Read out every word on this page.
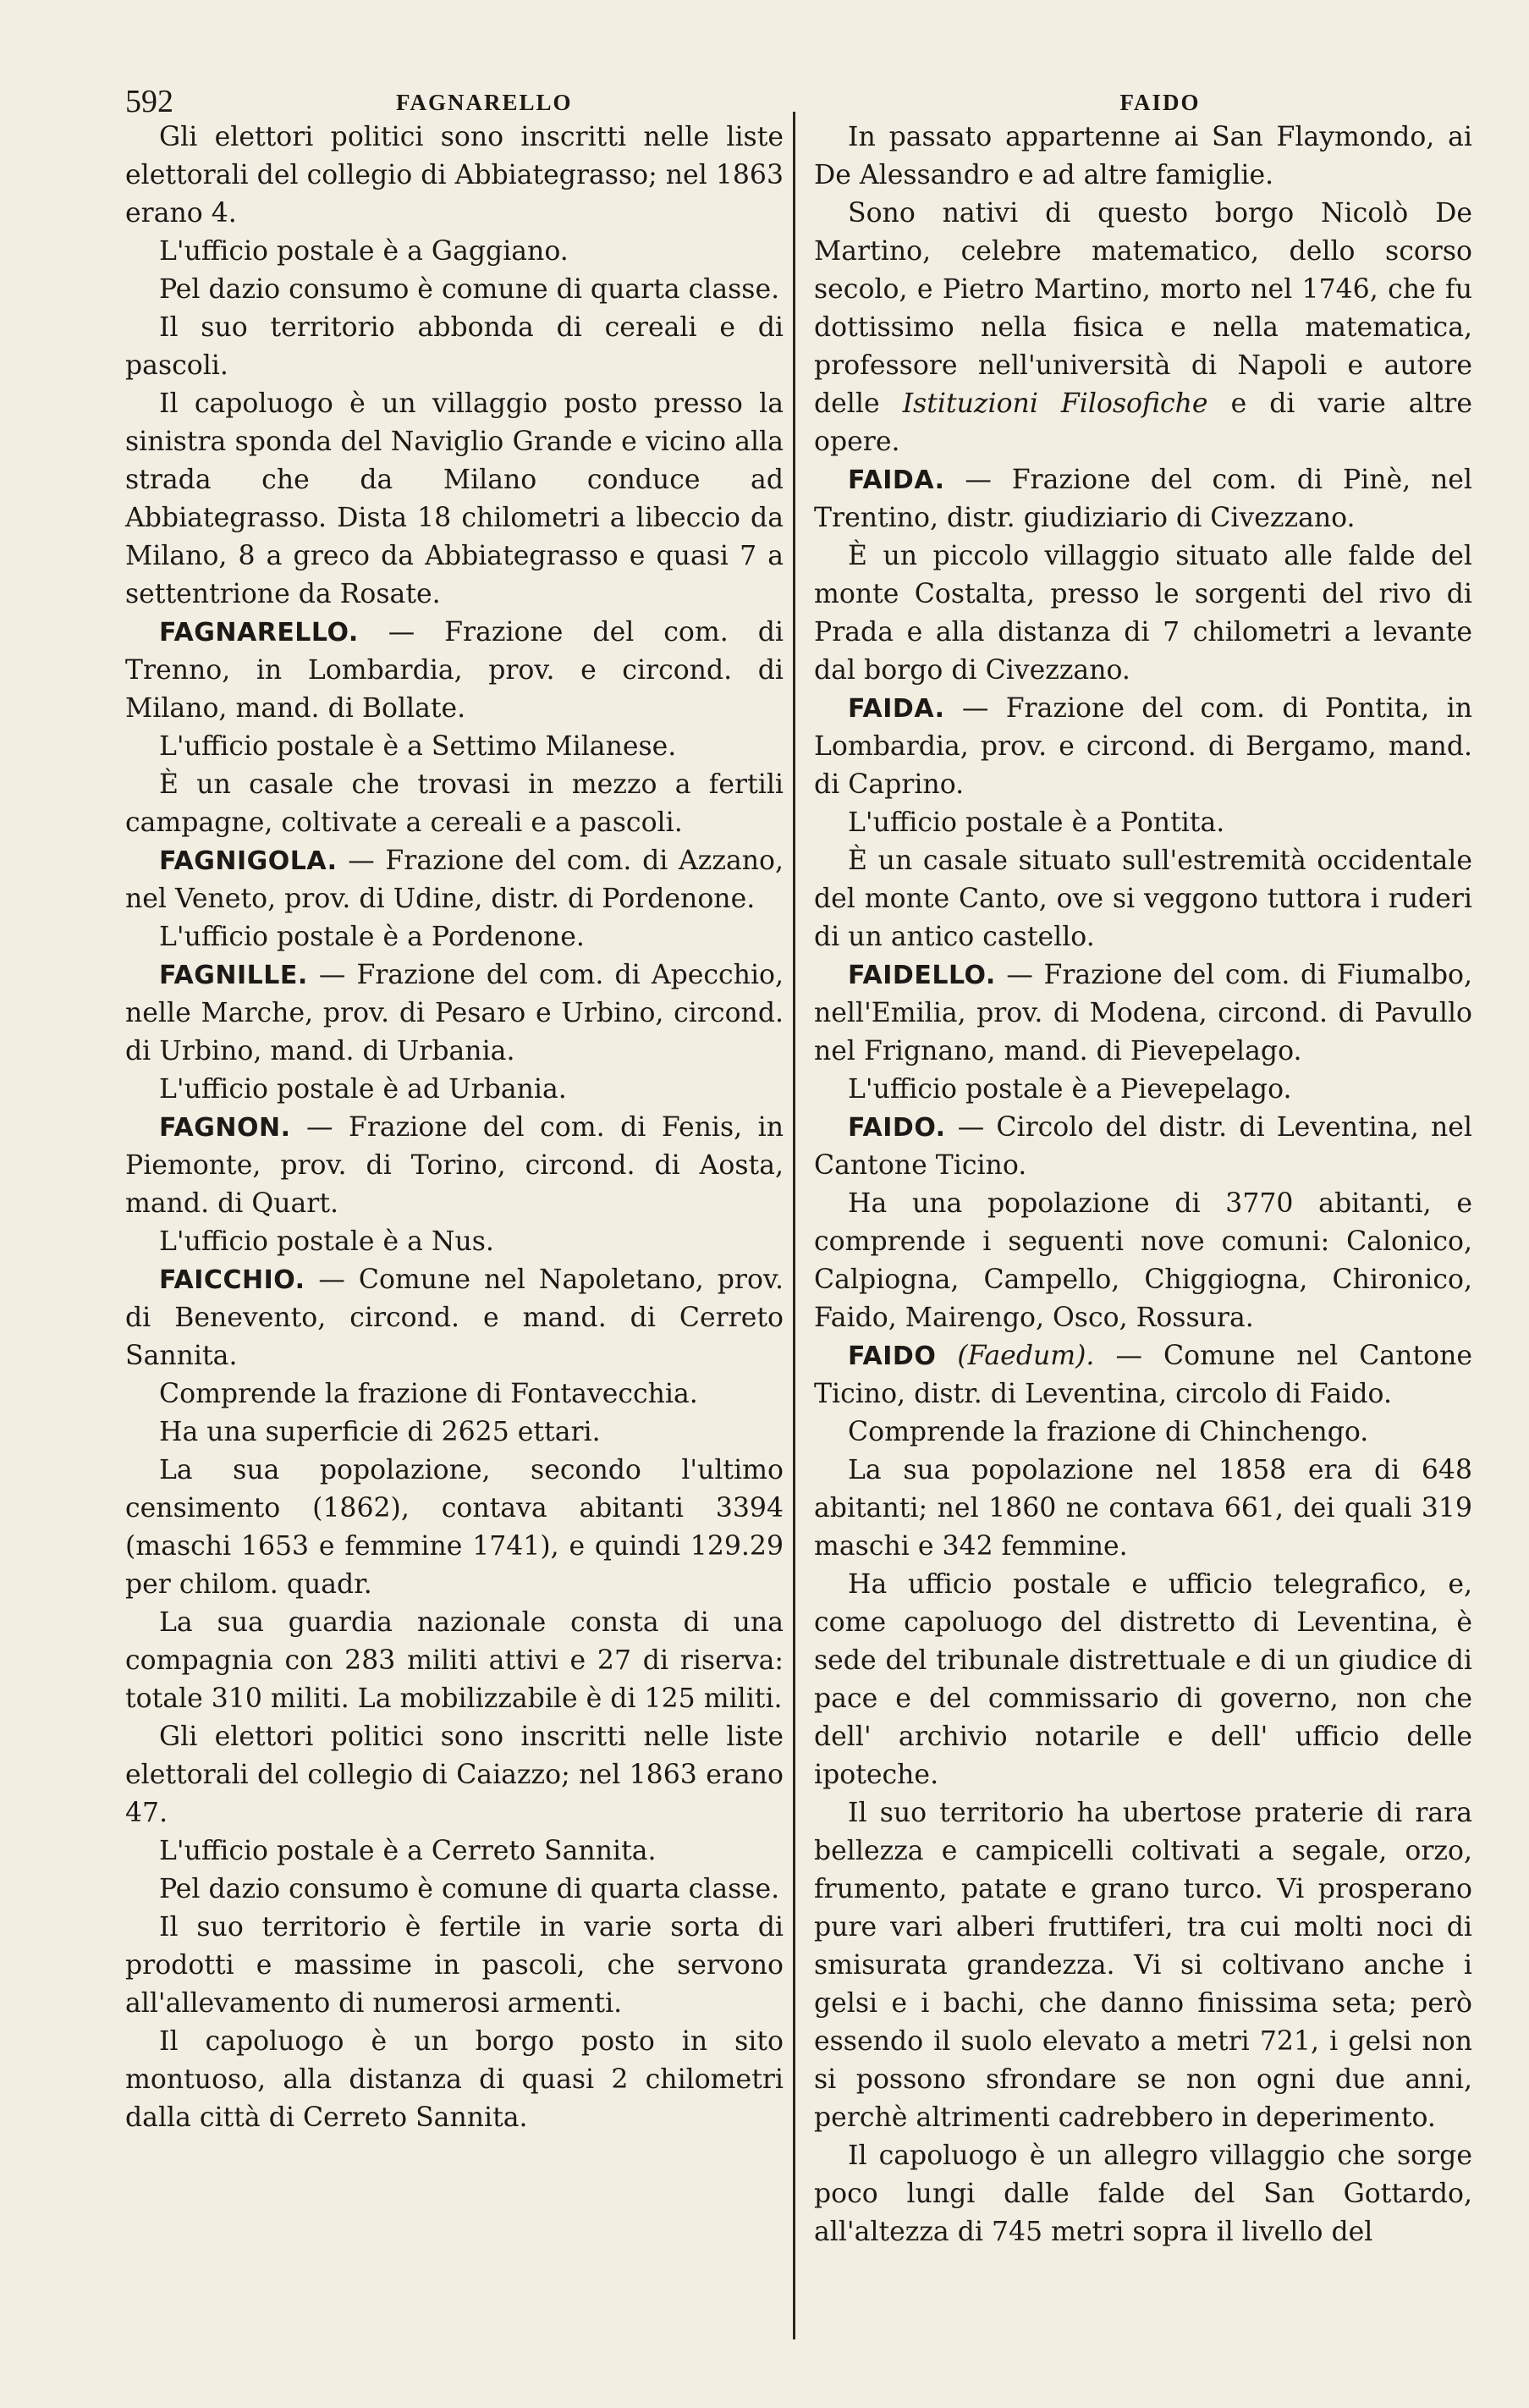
592	FAGNARELLO	FAIDO

Gli elettori politici sono inscritti nelle liste elettorali del collegio di Abbiategrasso; nel 1863 erano 4.

L'ufficio postale è a Gaggiano.

Pel dazio consumo è comune di quarta classe.

Il suo territorio abbonda di cereali e di pascoli.

Il capoluogo è un villaggio posto presso la sinistra sponda del Naviglio Grande e vicino alla strada che da Milano conduce ad Abbiategrasso. Dista 18 chilometri a libeccio da Milano, 8 a greco da Abbiategrasso e quasi 7 a settentrione da Rosate.

FAGNARELLO. — Frazione del com. di Trenno, in Lombardia, prov. e circond. di Milano, mand. di Bollate.

L'ufficio postale è a Settimo Milanese.

È un casale che trovasi in mezzo a fertili campagne, coltivate a cereali e a pascoli.

FAGNIGOLA. — Frazione del com. di Azzano, nel Veneto, prov. di Udine, distr. di Pordenone.

L'ufficio postale è a Pordenone.

FAGNILLE. — Frazione del com. di Apecchio, nelle Marche, prov. di Pesaro e Urbino, circond. di Urbino, mand. di Urbania.

L'ufficio postale è ad Urbania.

FAGNON. — Frazione del com. di Fenis, in Piemonte, prov. di Torino, circond. di Aosta, mand. di Quart.

L'ufficio postale è a Nus.

FAICCHIO. — Comune nel Napoletano, prov. di Benevento, circond. e mand. di Cerreto Sannita.

Comprende la frazione di Fontavecchia.

Ha una superficie di 2625 ettari.

La sua popolazione, secondo l'ultimo censimento (1862), contava abitanti 3394 (maschi 1653 e femmine 1741), e quindi 129.29 per chilom. quadr.

La sua guardia nazionale consta di una compagnia con 283 militi attivi e 27 di riserva: totale 310 militi. La mobilizzabile è di 125 militi.

Gli elettori politici sono inscritti nelle liste elettorali del collegio di Caiazzo; nel 1863 erano 47.

L'ufficio postale è a Cerreto Sannita.

Pel dazio consumo è comune di quarta classe.

Il suo territorio è fertile in varie sorta di prodotti e massime in pascoli, che servono all'allevamento di numerosi armenti.

Il capoluogo è un borgo posto in sito montuoso, alla distanza di quasi 2 chilometri dalla città di Cerreto Sannita.

In passato appartenne ai San Flaymondo, ai De Alessandro e ad altre famiglie.

Sono nativi di questo borgo Nicolò De Martino, celebre matematico, dello scorso secolo, e Pietro Martino, morto nel 1746, che fu dottissimo nella fisica e nella matematica, professore nell'università di Napoli e autore delle Istituzioni Filosofiche e di varie altre opere.

FAIDA. — Frazione del com. di Pinè, nel Trentino, distr. giudiziario di Civezzano.

È un piccolo villaggio situato alle falde del monte Costalta, presso le sorgenti del rivo di Prada e alla distanza di 7 chilometri a levante dal borgo di Civezzano.

FAIDA. — Frazione del com. di Pontita, in Lombardia, prov. e circond. di Bergamo, mand. di Caprino.

L'ufficio postale è a Pontita.

È un casale situato sull'estremità occidentale del monte Canto, ove si veggono tuttora i ruderi di un antico castello.

FAIDELLO. — Frazione del com. di Fiumalbo, nell'Emilia, prov. di Modena, circond. di Pavullo nel Frignano, mand. di Pievepelago.

L'ufficio postale è a Pievepelago.

FAIDO. — Circolo del distr. di Leventina, nel Cantone Ticino.

Ha una popolazione di 3770 abitanti, e comprende i seguenti nove comuni: Calonico, Calpiogna, Campello, Chiggiogna, Chironico, Faido, Mairengo, Osco, Rossura.

FAIDO (Faedum). — Comune nel Cantone Ticino, distr. di Leventina, circolo di Faido.

Comprende la frazione di Chinchengo.

La sua popolazione nel 1858 era di 648 abitanti; nel 1860 ne contava 661, dei quali 319 maschi e 342 femmine.

Ha ufficio postale e ufficio telegrafico, e, come capoluogo del distretto di Leventina, è sede del tribunale distrettuale e di un giudice di pace e del commissario di governo, non che dell' archivio notarile e dell' ufficio delle ipoteche.

Il suo territorio ha ubertose praterie di rara bellezza e campicelli coltivati a segale, orzo, frumento, patate e grano turco. Vi prosperano pure vari alberi fruttiferi, tra cui molti noci di smisurata grandezza. Vi si coltivano anche i gelsi e i bachi, che danno finissima seta; però essendo il suolo elevato a metri 721, i gelsi non si possono sfrondare se non ogni due anni, perchè altrimenti cadrebbero in deperimento.

Il capoluogo è un allegro villaggio che sorge poco lungi dalle falde del San Gottardo, all'altezza di 745 metri sopra il livello del
